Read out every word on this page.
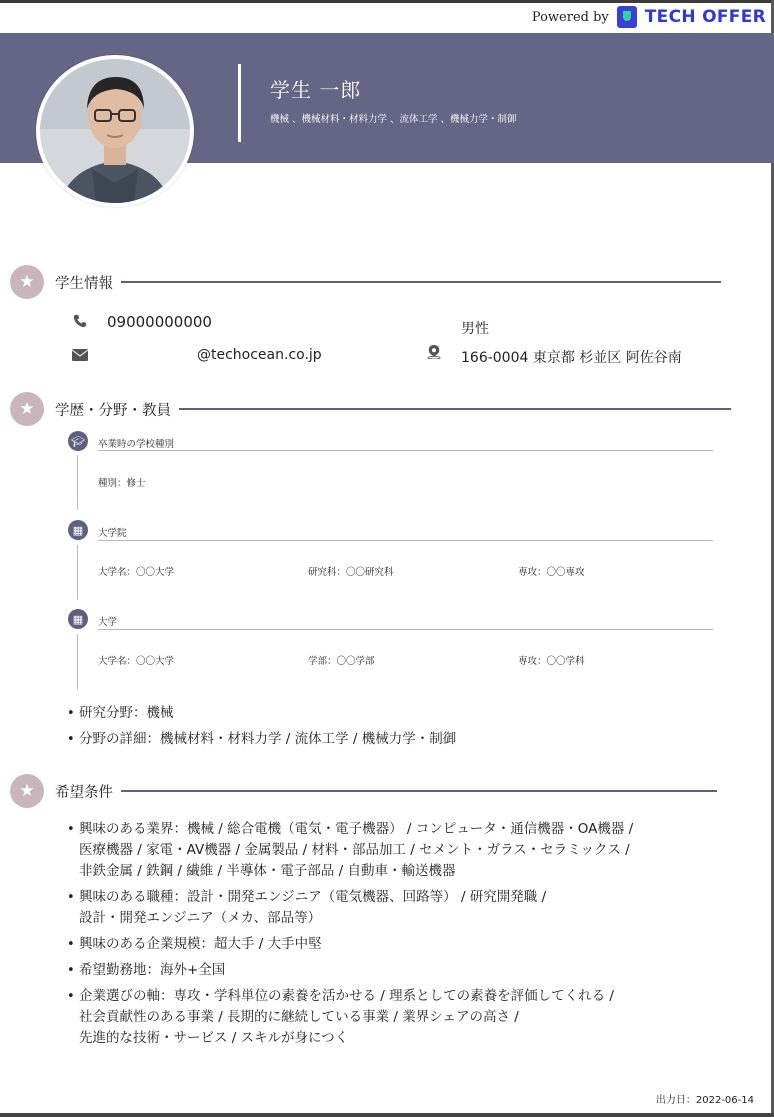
Powered by TECH OFFER
学生 一郎
機械 、機械材料・材料力学 、流体工学 、機械力学・制御
★	学生情報
09000000000
@techocean.co.jp
男性
166-0004 東京都 杉並区 阿佐谷南
★	学歴・分野・教員
🎓︎	卒業時の学校種別
種別：修士
▦	大学院
大学名：〇〇大学	研究科：〇〇研究科	専攻：〇〇専攻
▦	大学
大学名：〇〇大学	学部：〇〇学部	専攻：〇〇学科
• 研究分野：機械
• 分野の詳細：機械材料・材料力学 / 流体工学 / 機械力学・制御
★	希望条件
• 興味のある業界：機械 / 総合電機（電気・電子機器） / コンピュータ・通信機器・OA機器 /
医療機器 / 家電・AV機器 / 金属製品 / 材料・部品加工 / セメント・ガラス・セラミックス /
非鉄金属 / 鉄鋼 / 繊維 / 半導体・電子部品 / 自動車・輸送機器
• 興味のある職種：設計・開発エンジニア（電気機器、回路等） / 研究開発職 /
設計・開発エンジニア（メカ、部品等）
• 興味のある企業規模：超大手 / 大手中堅
• 希望勤務地：海外+全国
• 企業選びの軸：専攻・学科単位の素養を活かせる / 理系としての素養を評価してくれる /
社会貢献性のある事業 / 長期的に継続している事業 / 業界シェアの高さ /
先進的な技術・サービス / スキルが身につく
出力日：2022-06-14
